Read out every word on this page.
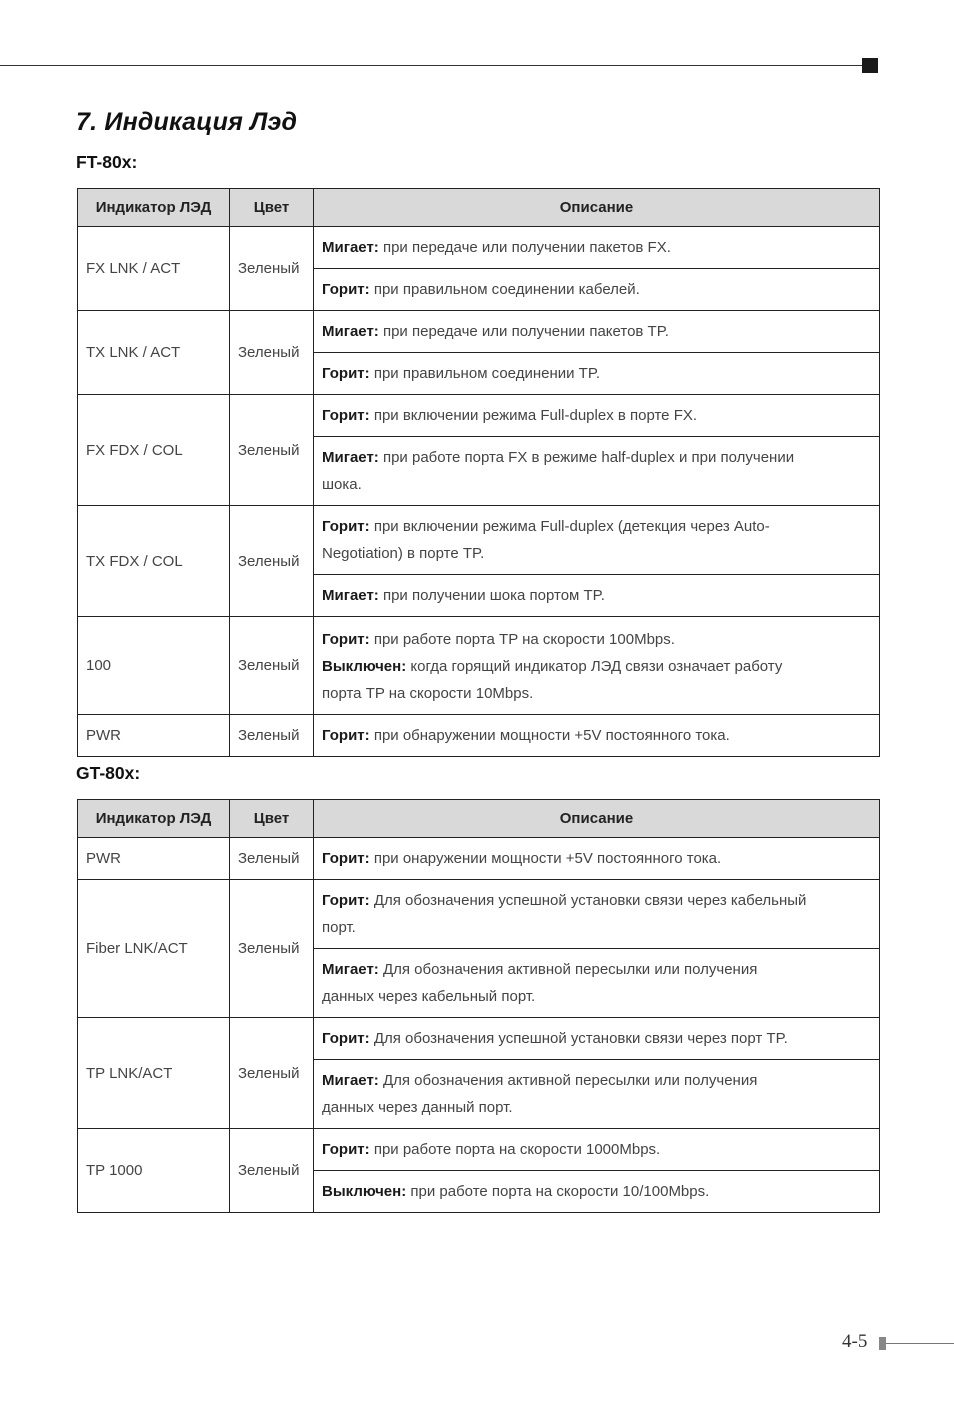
7. Индикация Лэд
FT-80x:
Индикатор ЛЭД	Цвет	Описание
FX LNK / ACT	Зеленый	Мигает: при передаче или получении пакетов FX.
		Горит: при правильном соединении кабелей.
TX LNK / ACT	Зеленый	Мигает: при передаче или получении пакетов TP.
		Горит: при правильном соединении TP.
FX FDX / COL	Зеленый	Горит: при включении режима Full-duplex в порте FX.
		Мигает: при работе порта FX в режиме half-duplex и при получении
шока.

TX FDX / COL	Зеленый	Горит: при включении режима Full-duplex (детекция через Auto-
Negotiation) в порте TP.

		Мигает: при получении шока портом TP.
100	Зеленый	Горит: при работе порта TP на скорости 100Mbps.
Выключен: когда горящий индикатор ЛЭД связи означает работу
порта TP на скорости 10Mbps.

PWR	Зеленый	Горит: при обнаружении мощности +5V постоянного тока.
GT-80x:
Индикатор ЛЭД	Цвет	Описание
PWR	Зеленый	Горит: при онаружении мощности +5V постоянного тока.
Fiber LNK/ACT	Зеленый	Горит: Для обозначения успешной установки связи через кабельный
порт.

		Мигает: Для обозначения активной пересылки или получения
данных через кабельный порт.

TP LNK/ACT	Зеленый	Горит: Для обозначения успешной установки связи через порт TP.
		Мигает: Для обозначения активной пересылки или получения
данных через данный порт.

TP 1000	Зеленый	Горит: при работе порта на скорости 1000Mbps.
		Выключен: при работе порта на скорости 10/100Mbps.
4-5
